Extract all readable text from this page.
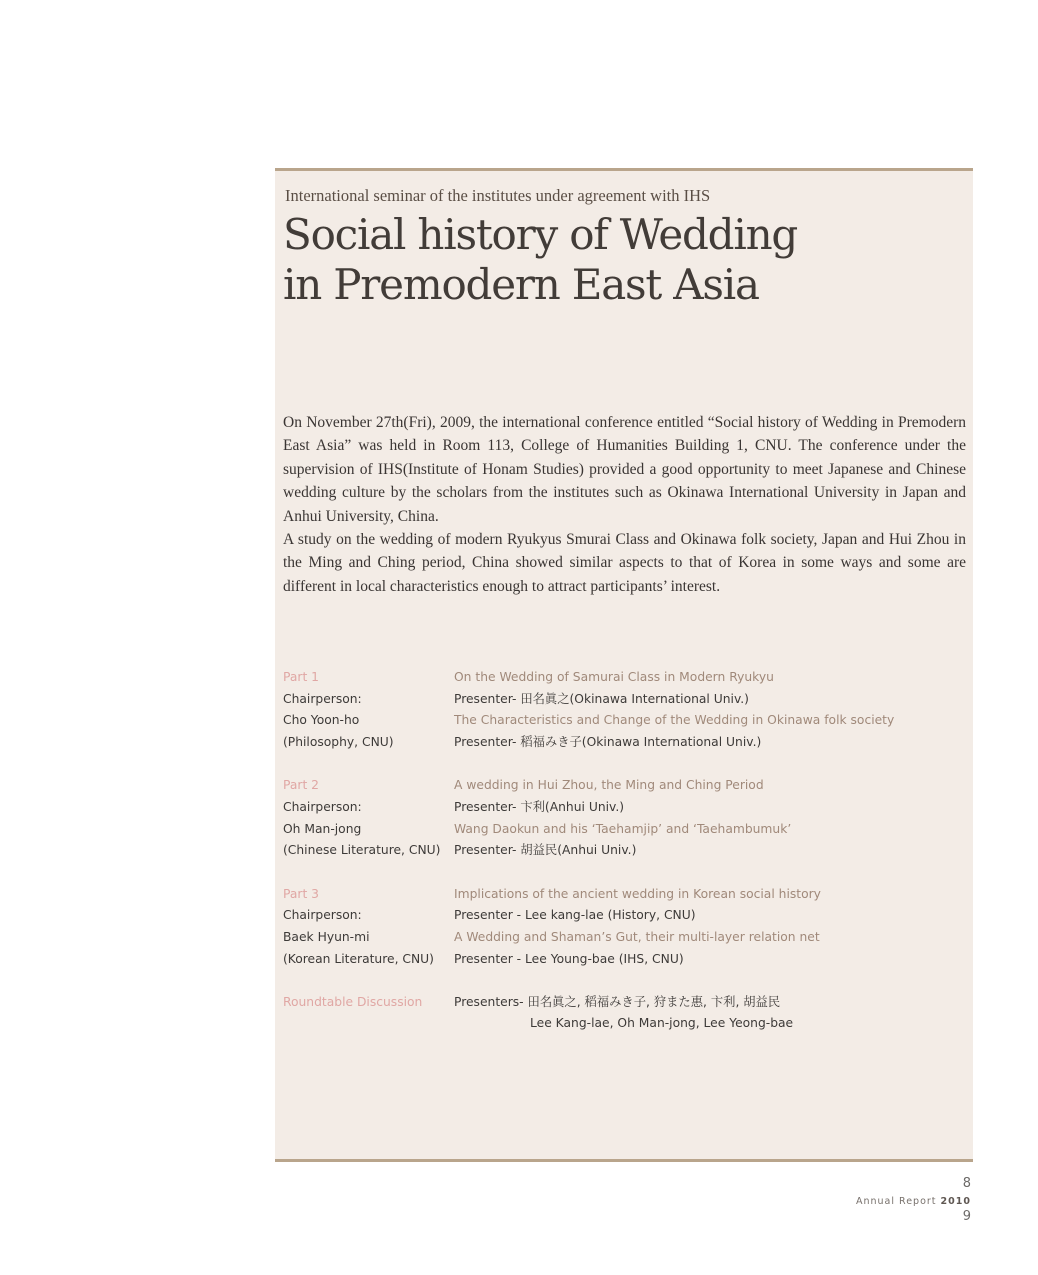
International seminar of the institutes under agreement with IHS
Social history of Wedding
in Premodern East Asia

On November 27th(Fri), 2009, the international conference entitled “Social history of Wedding in Premodern East Asia” was held in Room 113, College of Humanities Building 1, CNU. The conference under the supervision of IHS(Institute of Honam Studies) provided a good opportunity to meet Japanese and Chinese wedding culture by the scholars from the institutes such as Okinawa International University in Japan and Anhui University, China.

A study on the wedding of modern Ryukyus Smurai Class and Okinawa folk society, Japan and Hui Zhou in the Ming and Ching period, China showed similar aspects to that of Korea in some ways and some are different in local characteristics enough to attract participants’ interest.

Part 1	On the Wedding of Samurai Class in Modern Ryukyu
Chairperson:	Presenter- 田名眞之(Okinawa International Univ.)
Cho Yoon-ho	The Characteristics and Change of the Wedding in Okinawa folk society
(Philosophy, CNU)	Presenter- 稻福みき子(Okinawa International Univ.)
Part 2	A wedding in Hui Zhou, the Ming and Ching Period
Chairperson:	Presenter- 卞利(Anhui Univ.)
Oh Man-jong	Wang Daokun and his ‘Taehamjip’ and ‘Taehambumuk’
(Chinese Literature, CNU)	Presenter- 胡益民(Anhui Univ.)
Part 3	Implications of the ancient wedding in Korean social history
Chairperson:	Presenter - Lee kang-lae (History, CNU)
Baek Hyun-mi	A Wedding and Shaman’s Gut, their multi-layer relation net
(Korean Literature, CNU)	Presenter - Lee Young-bae (IHS, CNU)
Roundtable Discussion	Presenters- 田名眞之, 稻福みき子, 狩また惠, 卞利, 胡益民
Lee Kang-lae, Oh Man-jong, Lee Yeong-bae
8
Annual Report 2010
9
